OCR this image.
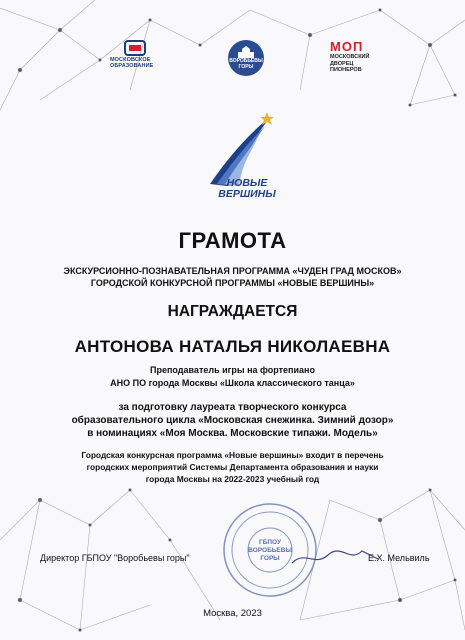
МОСКОВСКОЕ
ОБРАЗОВАНИЕ
ВОРОБЬЁВЫ
ГОРЫ
МОП
МОСКОВСКИЙ
ДВОРЕЦ
ПИОНЕРОВ
НОВЫЕ
ВЕРШИНЫ
ГРАМОТА
ЭКСКУРСИОННО-ПОЗНАВАТЕЛЬНАЯ ПРОГРАММА «ЧУДЕН ГРАД МОСКОВ»
ГОРОДСКОЙ КОНКУРСНОЙ ПРОГРАММЫ «НОВЫЕ ВЕРШИНЫ»
НАГРАЖДАЕТСЯ
АНТОНОВА НАТАЛЬЯ НИКОЛАЕВНА
Преподаватель игры на фортепиано
АНО ПО города Москвы «Школа классического танца»
за подготовку лауреата творческого конкурса
образовательного цикла «Московская снежинка. Зимний дозор»
в номинациях «Моя Москва. Московские типажи. Модель»
Городская конкурсная программа «Новые вершины» входит в перечень
городских мероприятий Системы Департамента образования и науки
города Москвы на 2022-2023 учебный год
ГБПОУ
ВОРОБЬЕВЫ
ГОРЫ
Директор ГБПОУ "Воробьевы горы"	Е.Х. Мельвиль
Москва, 2023
